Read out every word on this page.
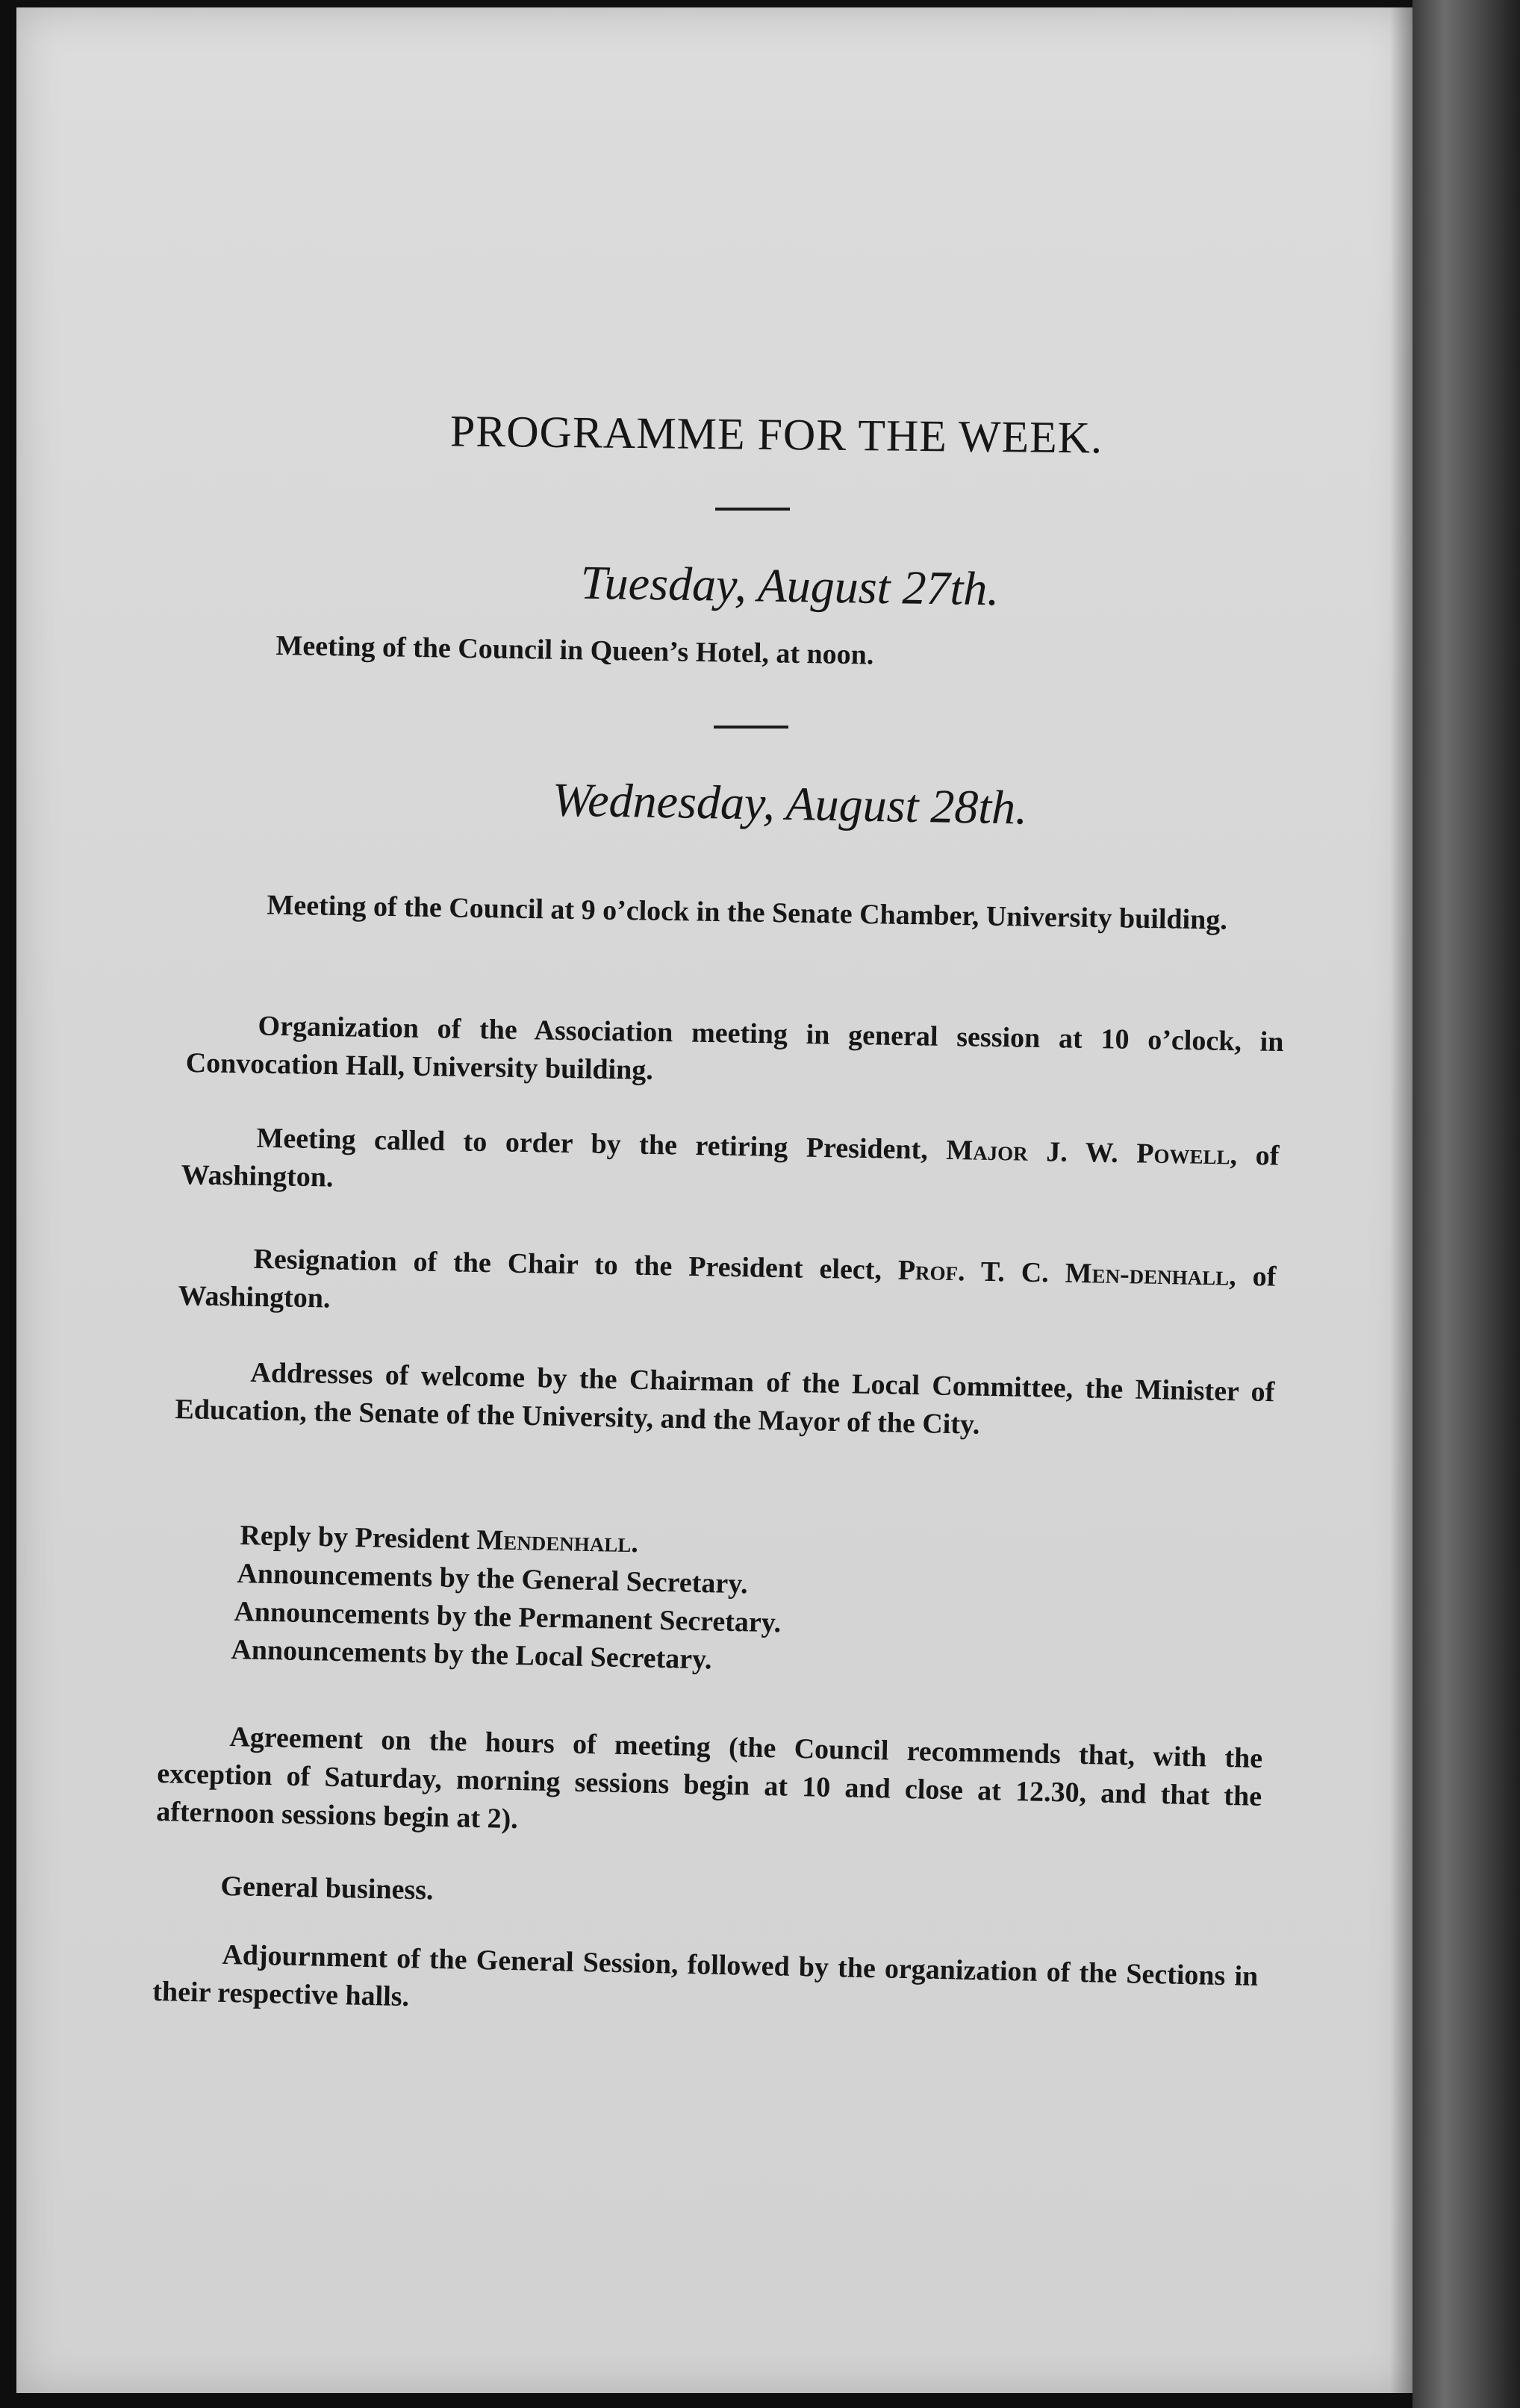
PROGRAMME FOR THE WEEK.
Tuesday, August 27th.

Meeting of the Council in Queen’s Hotel, at noon.

Wednesday, August 28th.

Meeting of the Council at 9 o’clock in the Senate Chamber, University building.

Organization of the Association meeting in general session at 10 o’clock, in Convocation Hall, University building.

Meeting called to order by the retiring President, Major J. W. Powell, of Washington.

Resignation of the Chair to the President elect, Prof. T. C. Men-denhall, of Washington.

Addresses of welcome by the Chairman of the Local Committee, the Minister of Education, the Senate of the University, and the Mayor of the City.

Reply by President Mendenhall.

Announcements by the General Secretary.

Announcements by the Permanent Secretary.

Announcements by the Local Secretary.

Agreement on the hours of meeting (the Council recommends that, with the exception of Saturday, morning sessions begin at 10 and close at 12.30, and that the afternoon sessions begin at 2).

General business.

Adjournment of the General Session, followed by the organization of the Sections in their respective halls.
